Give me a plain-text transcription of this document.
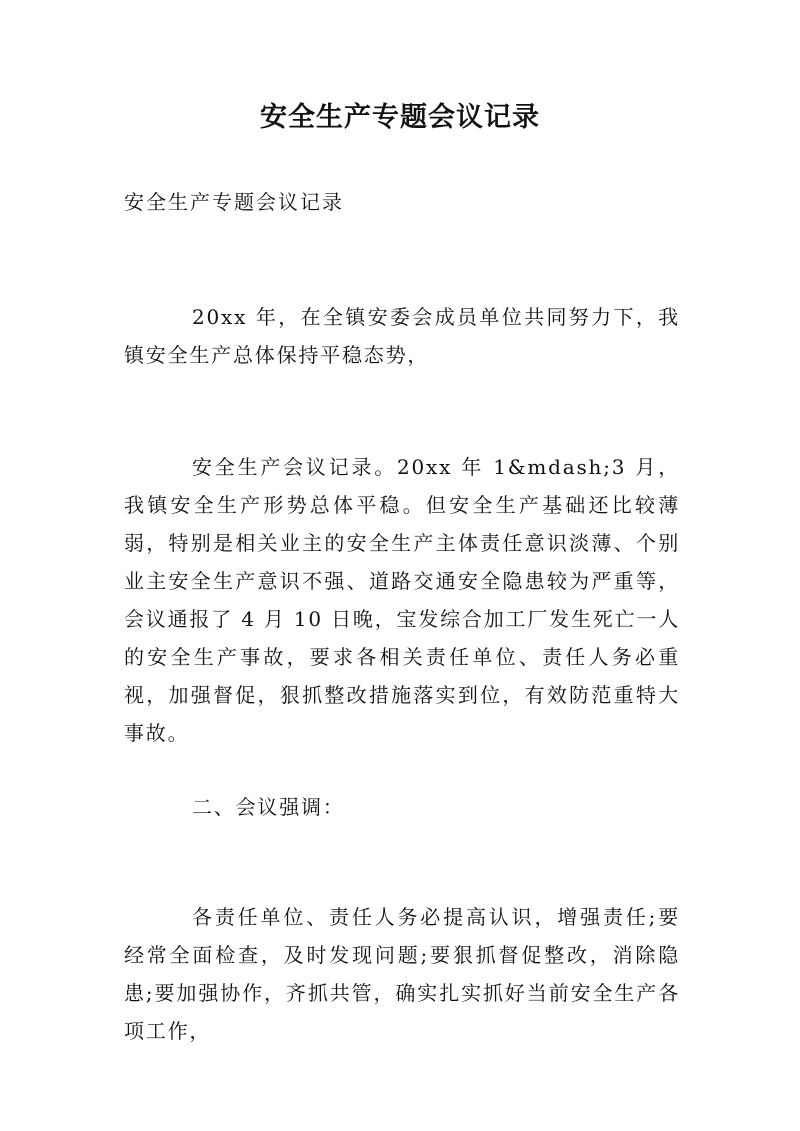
安全生产专题会议记录

安全生产专题会议记录

20xx 年，在全镇安委会成员单位共同努力下，我镇安全生产总体保持平稳态势，

安全生产会议记录。20xx 年 1&mdash;3 月，我镇安全生产形势总体平稳。但安全生产基础还比较薄弱，特别是相关业主的安全生产主体责任意识淡薄、个别业主安全生产意识不强、道路交通安全隐患较为严重等，会议通报了 4 月 10 日晚，宝发综合加工厂发生死亡一人的安全生产事故，要求各相关责任单位、责任人务必重视，加强督促，狠抓整改措施落实到位，有效防范重特大事故。

二、会议强调：

各责任单位、责任人务必提高认识，增强责任;要经常全面检查，及时发现问题;要狠抓督促整改，消除隐患;要加强协作，齐抓共管，确实扎实抓好当前安全生产各项工作，
